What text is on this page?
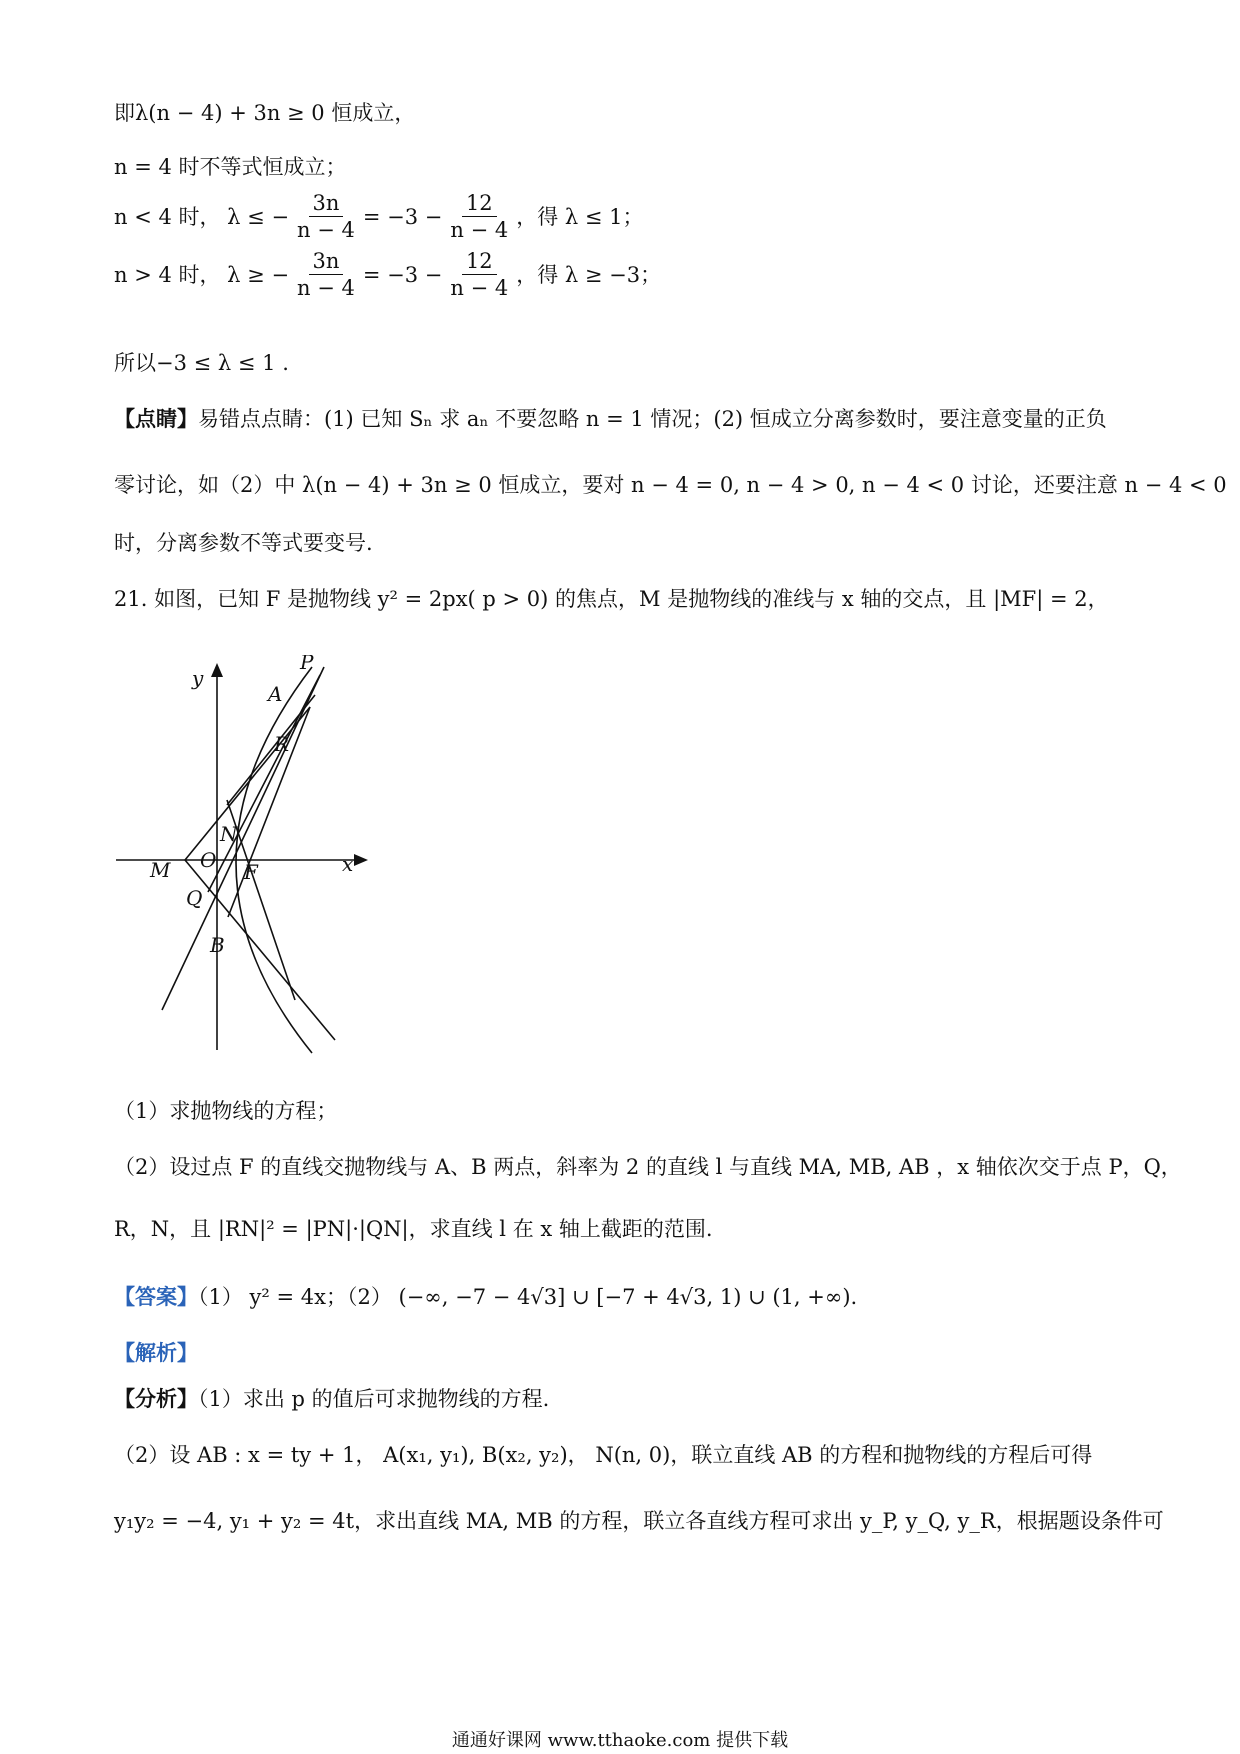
即λ(n − 4) + 3n ≥ 0 恒成立，
n = 4 时不等式恒成立；
n < 4 时， λ ≤ − $\frac{3n}{n - 4} = -3 - \frac{12}{n - 4}$ ，得 λ ≤ 1；
n > 4 时， λ ≥ − $\frac{3n}{n - 4} = -3 - \frac{12}{n - 4}$ ，得 λ ≥ −3；
所以−3 ≤ λ ≤ 1 .
【点睛】易错点点睛：(1) 已知 Sₙ 求 aₙ 不要忽略 n = 1 情况；(2) 恒成立分离参数时，要注意变量的正负
零讨论，如（2）中 λ(n − 4) + 3n ≥ 0 恒成立，要对 n − 4 = 0, n − 4 > 0, n − 4 < 0 讨论，还要注意 n − 4 < 0
时，分离参数不等式要变号.
21. 如图，已知 F 是抛物线 y² = 2px( p > 0) 的焦点，M 是抛物线的准线与 x 轴的交点，且 |MF| = 2，
y
x
P
A
R
N
M O F
Q
B
（1）求抛物线的方程；
（2）设过点 F 的直线交抛物线与 A、B 两点，斜率为 2 的直线 l 与直线 MA, MB, AB ，x 轴依次交于点 P，Q，
R，N，且 |RN|² = |PN|·|QN|，求直线 l 在 x 轴上截距的范围.
【答案】（1） y² = 4x；（2） (−∞, −7 − 4√3] ∪ [−7 + 4√3, 1) ∪ (1, +∞).
【解析】
【分析】（1）求出 p 的值后可求抛物线的方程.
（2）设 AB : x = ty + 1， A(x₁, y₁), B(x₂, y₂)， N(n, 0)，联立直线 AB 的方程和抛物线的方程后可得
y₁y₂ = −4, y₁ + y₂ = 4t，求出直线 MA, MB 的方程，联立各直线方程可求出 y_P, y_Q, y_R，根据题设条件可
通通好课网 www.tthaoke.com 提供下载
